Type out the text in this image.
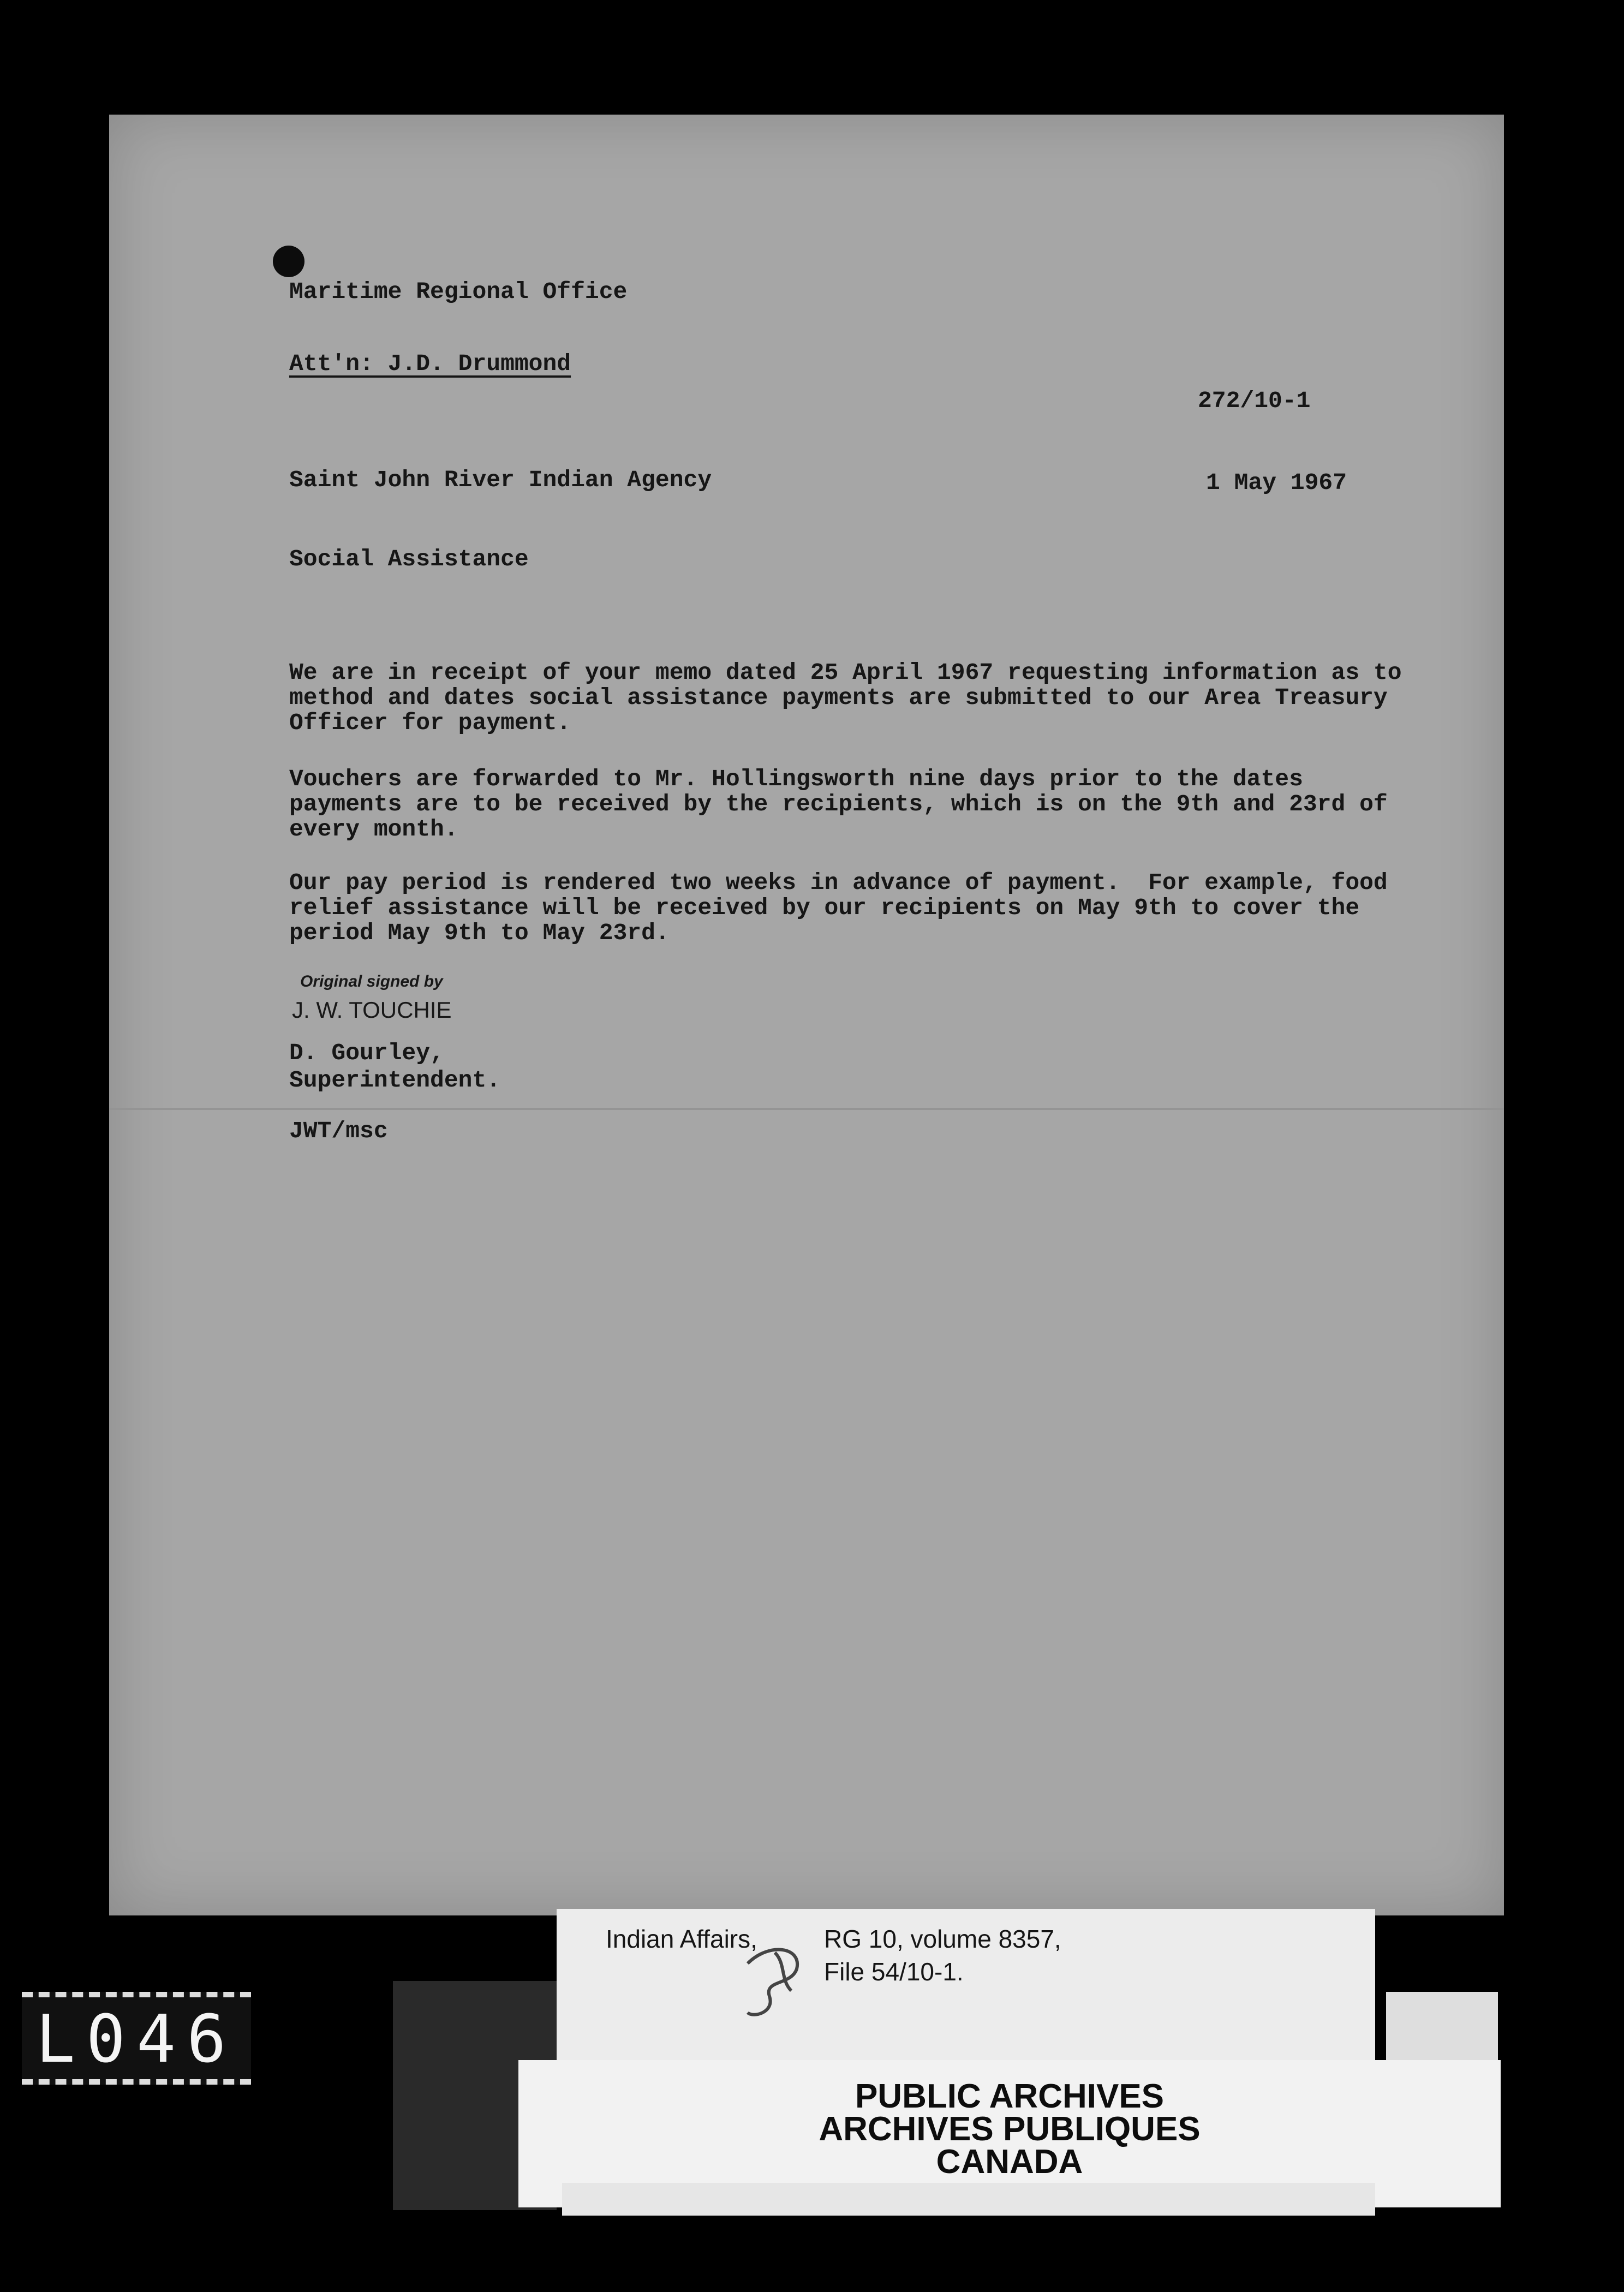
Maritime Regional Office
Att'n: J.D. Drummond
272/10-1
Saint John River Indian Agency	1 May 1967
Social Assistance
We are in receipt of your memo dated 25 April 1967 requesting information as to
method and dates social assistance payments are submitted to our Area Treasury
Officer for payment.
Vouchers are forwarded to Mr. Hollingsworth nine days prior to the dates
payments are to be received by the recipients, which is on the 9th and 23rd of
every month.
Our pay period is rendered two weeks in advance of payment.  For example, food
relief assistance will be received by our recipients on May 9th to cover the
period May 9th to May 23rd.
Original signed by
J. W. TOUCHIE
D. Gourley,
Superintendent.
JWT/msc
L046
Indian Affairs,	RG 10, volume 8357,
File 54/10-1.
PUBLIC ARCHIVES
ARCHIVES PUBLIQUES
CANADA
